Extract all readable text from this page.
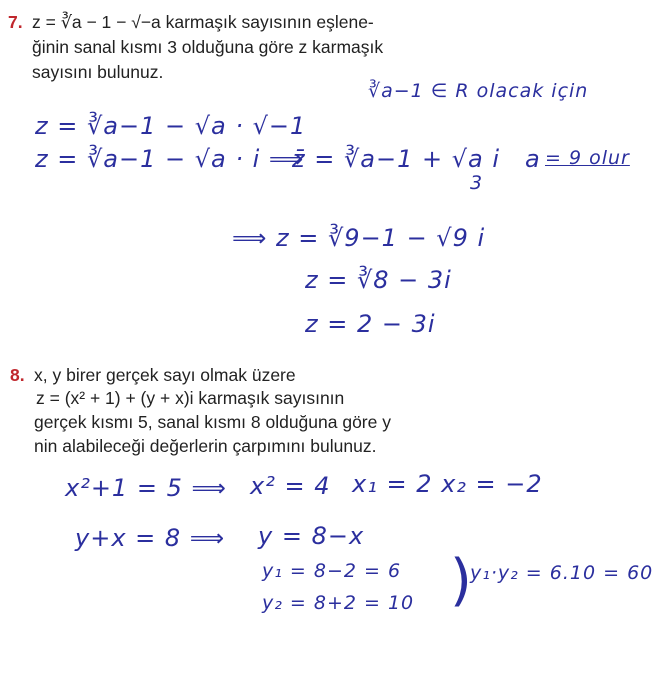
7. z = ∛a − 1 − √−a karmaşık sayısının eşlene-
ğinin sanal kısmı 3 olduğuna göre z karmaşık
sayısını bulunuz.
∛a−1 ∈ R olacak için
z = ∛a−1 − √a · √−1
z = ∛a−1 − √a · i ⟹
z̄ = ∛a−1 + √a i
3
a = 9 olur
⟹ z = ∛9−1 − √9 i
z = ∛8 − 3i
z = 2 − 3i
8. x, y birer gerçek sayı olmak üzere
z = (x² + 1) + (y + x)i karmaşık sayısının
gerçek kısmı 5, sanal kısmı 8 olduğuna göre y
nin alabileceği değerlerin çarpımını bulunuz.
x²+1 = 5 ⟹ x² = 4 x₁ = 2 x₂ = −2
y+x = 8 ⟹ y = 8−x
y₁ = 8−2 = 6
y₂ = 8+2 = 10 )
y₁·y₂ = 6.10 = 60
